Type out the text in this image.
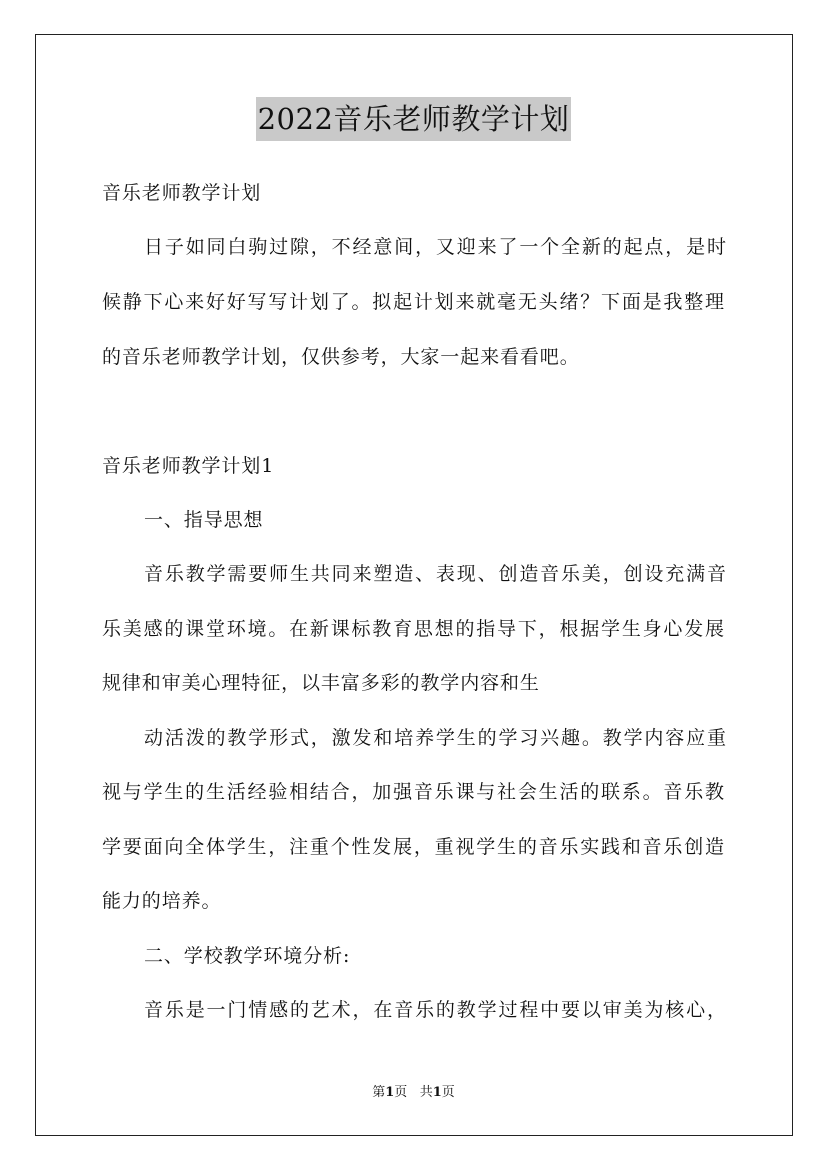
2022音乐老师教学计划
音乐老师教学计划
日子如同白驹过隙，不经意间，又迎来了一个全新的起点，是时
候静下心来好好写写计划了。拟起计划来就毫无头绪？下面是我整理
的音乐老师教学计划，仅供参考，大家一起来看看吧。
音乐老师教学计划1
一、指导思想
音乐教学需要师生共同来塑造、表现、创造音乐美，创设充满音
乐美感的课堂环境。在新课标教育思想的指导下，根据学生身心发展
规律和审美心理特征，以丰富多彩的教学内容和生
动活泼的教学形式，激发和培养学生的学习兴趣。教学内容应重
视与学生的生活经验相结合，加强音乐课与社会生活的联系。音乐教
学要面向全体学生，注重个性发展，重视学生的音乐实践和音乐创造
能力的培养。
二、学校教学环境分析:
音乐是一门情感的艺术，在音乐的教学过程中要以审美为核心，
第1页 共1页
